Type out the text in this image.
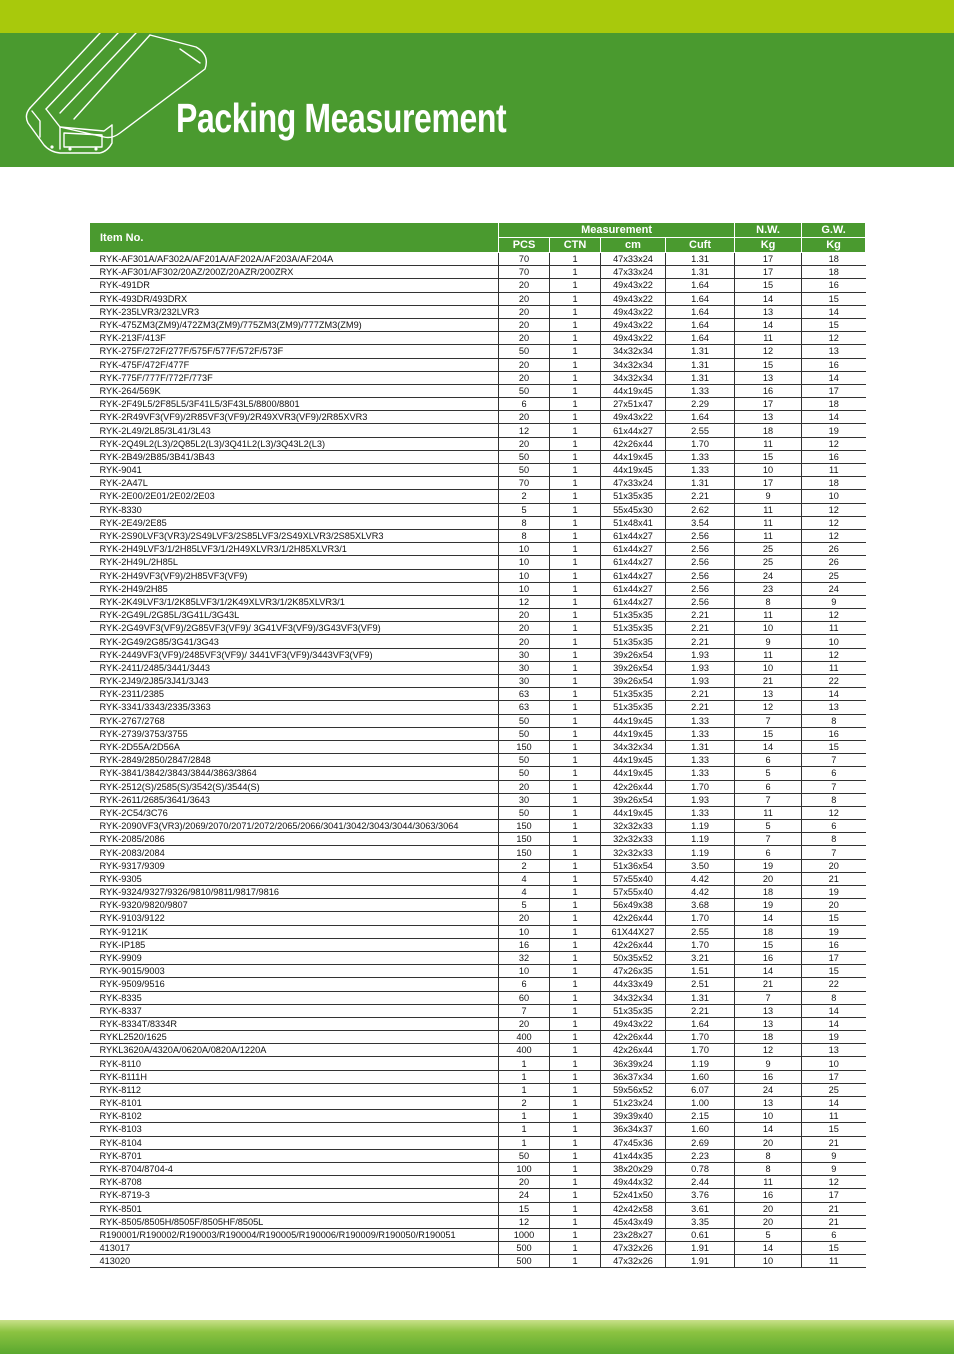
Packing Measurement
Item No.	Measurement				N.W.	G.W.
	PCS	CTN	cm	Cuft	Kg	Kg
RYK-AF301A/AF302A/AF201A/AF202A/AF203A/AF204A	70	1	47x33x24	1.31	17	18
RYK-AF301/AF302/20AZ/200Z/20AZR/200ZRX	70	1	47x33x24	1.31	17	18
RYK-491DR	20	1	49x43x22	1.64	15	16
RYK-493DR/493DRX	20	1	49x43x22	1.64	14	15
RYK-235LVR3/232LVR3	20	1	49x43x22	1.64	13	14
RYK-475ZM3(ZM9)/472ZM3(ZM9)/775ZM3(ZM9)/777ZM3(ZM9)	20	1	49x43x22	1.64	14	15
RYK-213F/413F	20	1	49x43x22	1.64	11	12
RYK-275F/272F/277F/575F/577F/572F/573F	50	1	34x32x34	1.31	12	13
RYK-475F/472F/477F	20	1	34x32x34	1.31	15	16
RYK-775F/777F/772F/773F	20	1	34x32x34	1.31	13	14
RYK-264/569K	50	1	44x19x45	1.33	16	17
RYK-2F49L5/2F85L5/3F41L5/3F43L5/8800/8801	6	1	27x51x47	2.29	17	18
RYK-2R49VF3(VF9)/2R85VF3(VF9)/2R49XVR3(VF9)/2R85XVR3	20	1	49x43x22	1.64	13	14
RYK-2L49/2L85/3L41/3L43	12	1	61x44x27	2.55	18	19
RYK-2Q49L2(L3)/2Q85L2(L3)/3Q41L2(L3)/3Q43L2(L3)	20	1	42x26x44	1.70	11	12
RYK-2B49/2B85/3B41/3B43	50	1	44x19x45	1.33	15	16
RYK-9041	50	1	44x19x45	1.33	10	11
RYK-2A47L	70	1	47x33x24	1.31	17	18
RYK-2E00/2E01/2E02/2E03	2	1	51x35x35	2.21	9	10
RYK-8330	5	1	55x45x30	2.62	11	12
RYK-2E49/2E85	8	1	51x48x41	3.54	11	12
RYK-2S90LVF3(VR3)/2S49LVF3/2S85LVF3/2S49XLVR3/2S85XLVR3	8	1	61x44x27	2.56	11	12
RYK-2H49LVF3/1/2H85LVF3/1/2H49XLVR3/1/2H85XLVR3/1	10	1	61x44x27	2.56	25	26
RYK-2H49L/2H85L	10	1	61x44x27	2.56	25	26
RYK-2H49VF3(VF9)/2H85VF3(VF9)	10	1	61x44x27	2.56	24	25
RYK-2H49/2H85	10	1	61x44x27	2.56	23	24
RYK-2K49LVF3/1/2K85LVF3/1/2K49XLVR3/1/2K85XLVR3/1	12	1	61x44x27	2.56	8	9
RYK-2G49L/2G85L/3G41L/3G43L	20	1	51x35x35	2.21	11	12
RYK-2G49VF3(VF9)/2G85VF3(VF9)/ 3G41VF3(VF9)/3G43VF3(VF9)	20	1	51x35x35	2.21	10	11
RYK-2G49/2G85/3G41/3G43	20	1	51x35x35	2.21	9	10
RYK-2449VF3(VF9)/2485VF3(VF9)/ 3441VF3(VF9)/3443VF3(VF9)	30	1	39x26x54	1.93	11	12
RYK-2411/2485/3441/3443	30	1	39x26x54	1.93	10	11
RYK-2J49/2J85/3J41/3J43	30	1	39x26x54	1.93	21	22
RYK-2311/2385	63	1	51x35x35	2.21	13	14
RYK-3341/3343/2335/3363	63	1	51x35x35	2.21	12	13
RYK-2767/2768	50	1	44x19x45	1.33	7	8
RYK-2739/3753/3755	50	1	44x19x45	1.33	15	16
RYK-2D55A/2D56A	150	1	34x32x34	1.31	14	15
RYK-2849/2850/2847/2848	50	1	44x19x45	1.33	6	7
RYK-3841/3842/3843/3844/3863/3864	50	1	44x19x45	1.33	5	6
RYK-2512(S)/2585(S)/3542(S)/3544(S)	20	1	42x26x44	1.70	6	7
RYK-2611/2685/3641/3643	30	1	39x26x54	1.93	7	8
RYK-2C54/3C76	50	1	44x19x45	1.33	11	12
RYK-2090VF3(VR3)/2069/2070/2071/2072/2065/2066/3041/3042/3043/3044/3063/3064	150	1	32x32x33	1.19	5	6
RYK-2085/2086	150	1	32x32x33	1.19	7	8
RYK-2083/2084	150	1	32x32x33	1.19	6	7
RYK-9317/9309	2	1	51x36x54	3.50	19	20
RYK-9305	4	1	57x55x40	4.42	20	21
RYK-9324/9327/9326/9810/9811/9817/9816	4	1	57x55x40	4.42	18	19
RYK-9320/9820/9807	5	1	56x49x38	3.68	19	20
RYK-9103/9122	20	1	42x26x44	1.70	14	15
RYK-9121K	10	1	61X44X27	2.55	18	19
RYK-IP185	16	1	42x26x44	1.70	15	16
RYK-9909	32	1	50x35x52	3.21	16	17
RYK-9015/9003	10	1	47x26x35	1.51	14	15
RYK-9509/9516	6	1	44x33x49	2.51	21	22
RYK-8335	60	1	34x32x34	1.31	7	8
RYK-8337	7	1	51x35x35	2.21	13	14
RYK-8334T/8334R	20	1	49x43x22	1.64	13	14
RYKL2520/1625	400	1	42x26x44	1.70	18	19
RYKL3620A/4320A/0620A/0820A/1220A	400	1	42x26x44	1.70	12	13
RYK-8110	1	1	36x39x24	1.19	9	10
RYK-8111H	1	1	36x37x34	1.60	16	17
RYK-8112	1	1	59x56x52	6.07	24	25
RYK-8101	2	1	51x23x24	1.00	13	14
RYK-8102	1	1	39x39x40	2.15	10	11
RYK-8103	1	1	36x34x37	1.60	14	15
RYK-8104	1	1	47x45x36	2.69	20	21
RYK-8701	50	1	41x44x35	2.23	8	9
RYK-8704/8704-4	100	1	38x20x29	0.78	8	9
RYK-8708	20	1	49x44x32	2.44	11	12
RYK-8719-3	24	1	52x41x50	3.76	16	17
RYK-8501	15	1	42x42x58	3.61	20	21
RYK-8505/8505H/8505F/8505HF/8505L	12	1	45x43x49	3.35	20	21
R190001/R190002/R190003/R190004/R190005/R190006/R190009/R190050/R190051	1000	1	23x28x27	0.61	5	6
413017	500	1	47x32x26	1.91	14	15
413020	500	1	47x32x26	1.91	10	11
